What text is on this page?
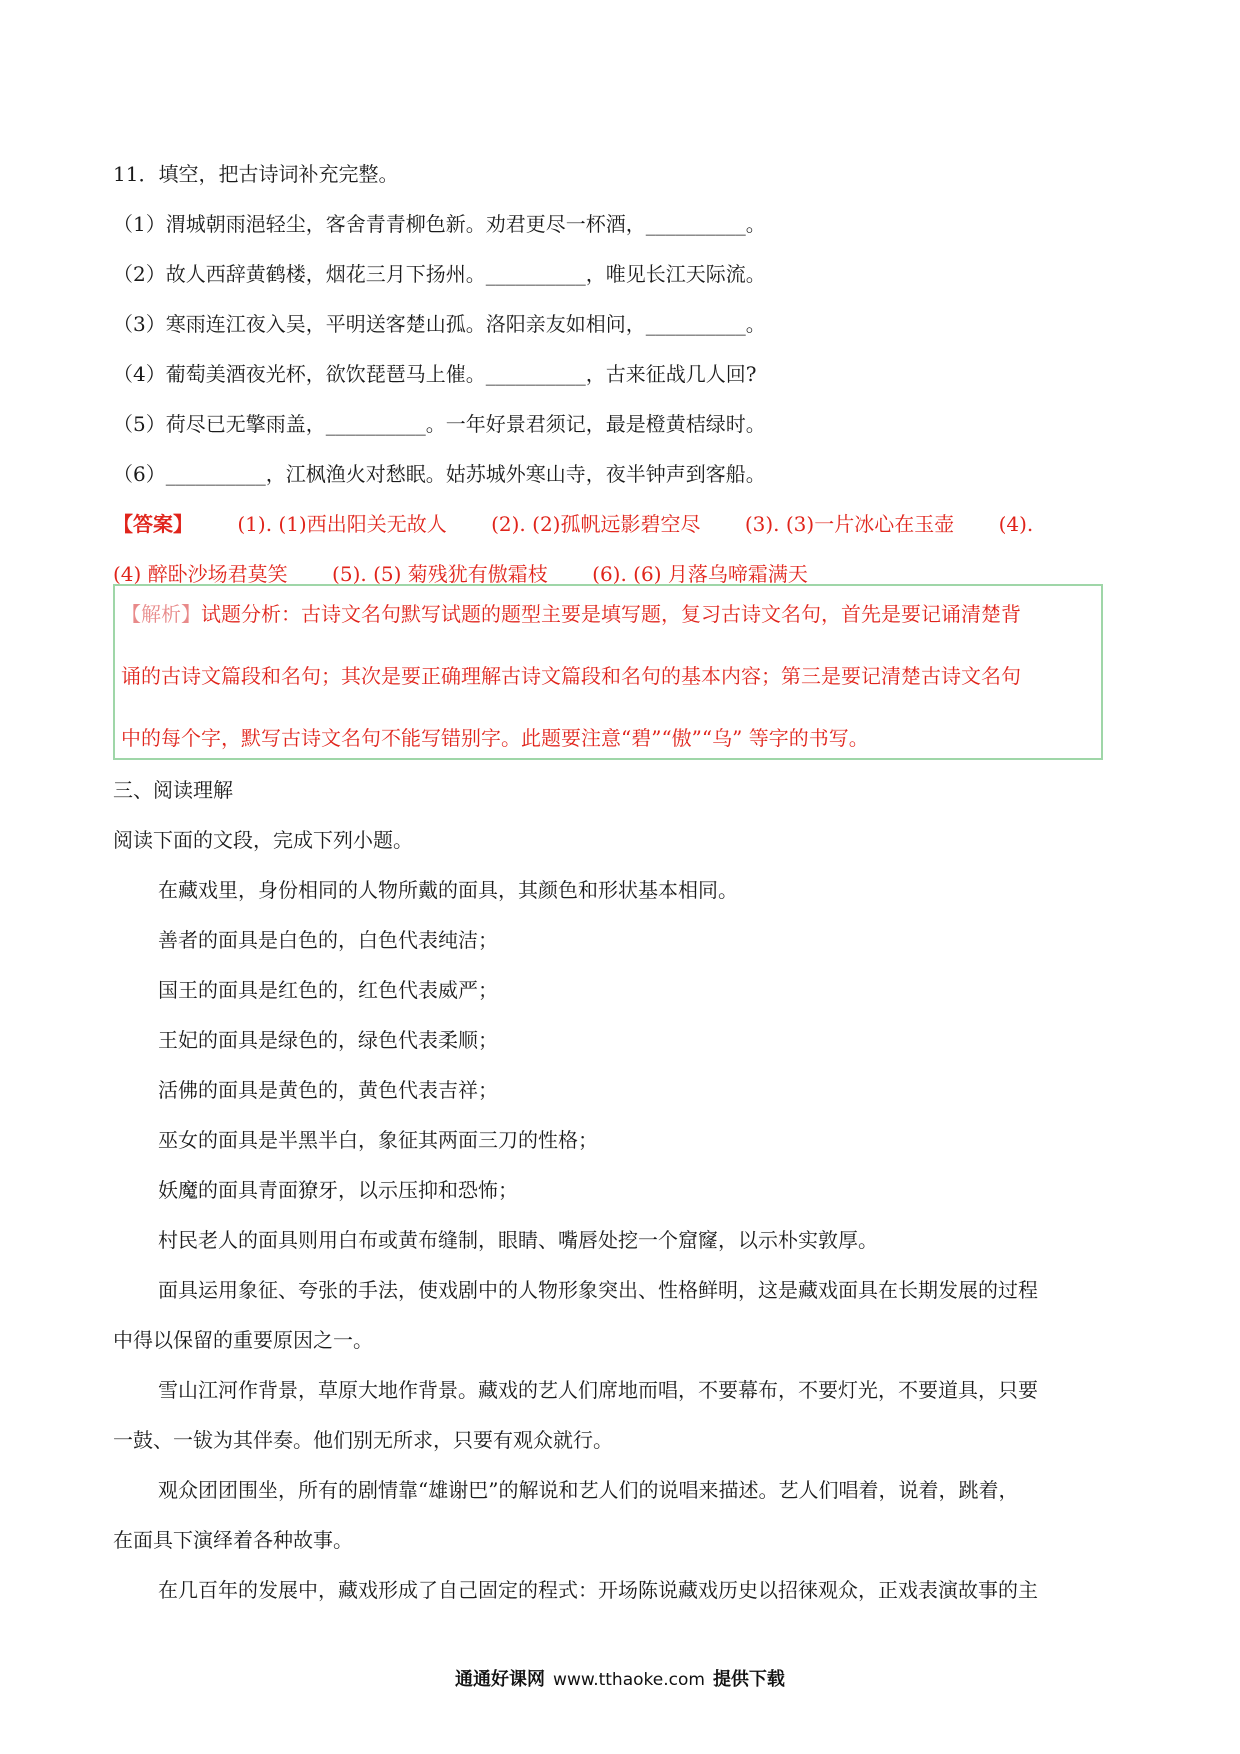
11．填空，把古诗词补充完整。
（1）渭城朝雨浥轻尘，客舍青青柳色新。劝君更尽一杯酒，__________。
（2）故人西辞黄鹤楼，烟花三月下扬州。__________，唯见长江天际流。
（3）寒雨连江夜入吴，平明送客楚山孤。洛阳亲友如相问，__________。
（4）葡萄美酒夜光杯，欲饮琵琶马上催。__________，古来征战几人回?
（5）荷尽已无擎雨盖，__________。一年好景君须记，最是橙黄桔绿时。
（6）__________，江枫渔火对愁眠。姑苏城外寒山寺，夜半钟声到客船。
【答案】 (1). (1)西出阳关无故人 (2). (2)孤帆远影碧空尽 (3). (3)一片冰心在玉壶 (4).
(4) 醉卧沙场君莫笑 (5). (5) 菊残犹有傲霜枝 (6). (6) 月落乌啼霜满天
【解析】试题分析：古诗文名句默写试题的题型主要是填写题，复习古诗文名句，首先是要记诵清楚背
诵的古诗文篇段和名句；其次是要正确理解古诗文篇段和名句的基本内容；第三是要记清楚古诗文名句
中的每个字，默写古诗文名句不能写错别字。此题要注意“碧”“傲”“乌” 等字的书写。
三、阅读理解
阅读下面的文段，完成下列小题。
在藏戏里，身份相同的人物所戴的面具，其颜色和形状基本相同。
善者的面具是白色的，白色代表纯洁；
国王的面具是红色的，红色代表威严；
王妃的面具是绿色的，绿色代表柔顺；
活佛的面具是黄色的，黄色代表吉祥；
巫女的面具是半黑半白，象征其两面三刀的性格；
妖魔的面具青面獠牙，以示压抑和恐怖；
村民老人的面具则用白布或黄布缝制，眼睛、嘴唇处挖一个窟窿，以示朴实敦厚。
面具运用象征、夸张的手法，使戏剧中的人物形象突出、性格鲜明，这是藏戏面具在长期发展的过程
中得以保留的重要原因之一。
雪山江河作背景，草原大地作背景。藏戏的艺人们席地而唱，不要幕布，不要灯光，不要道具，只要
一鼓、一钹为其伴奏。他们别无所求，只要有观众就行。
观众团团围坐，所有的剧情靠“雄谢巴”的解说和艺人们的说唱来描述。艺人们唱着，说着，跳着，
在面具下演绎着各种故事。
在几百年的发展中，藏戏形成了自己固定的程式：开场陈说藏戏历史以招徕观众，正戏表演故事的主
通通好课网 www.tthaoke.com 提供下载
